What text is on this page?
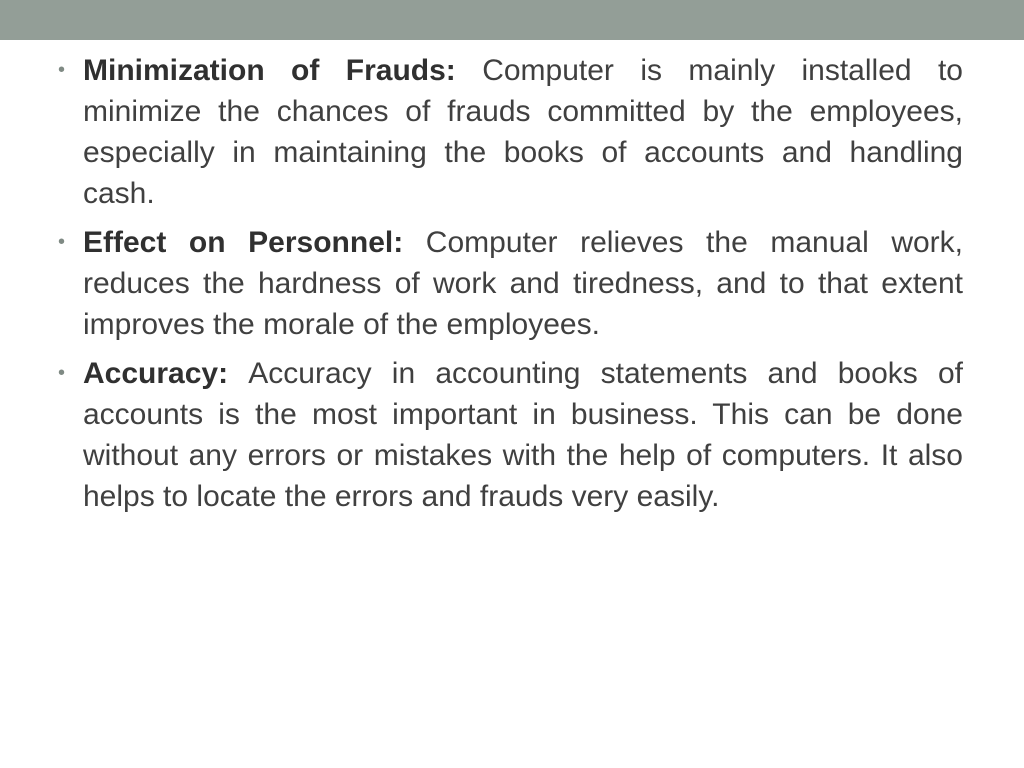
• Minimization of Frauds: Computer is mainly installed to minimize the chances of frauds committed by the employees, especially in maintaining the books of accounts and handling cash.
• Effect on Personnel: Computer relieves the manual work, reduces the hardness of work and tiredness, and to that extent improves the morale of the employees.
• Accuracy: Accuracy in accounting statements and books of accounts is the most important in business. This can be done without any errors or mistakes with the help of computers. It also helps to locate the errors and frauds very easily.
